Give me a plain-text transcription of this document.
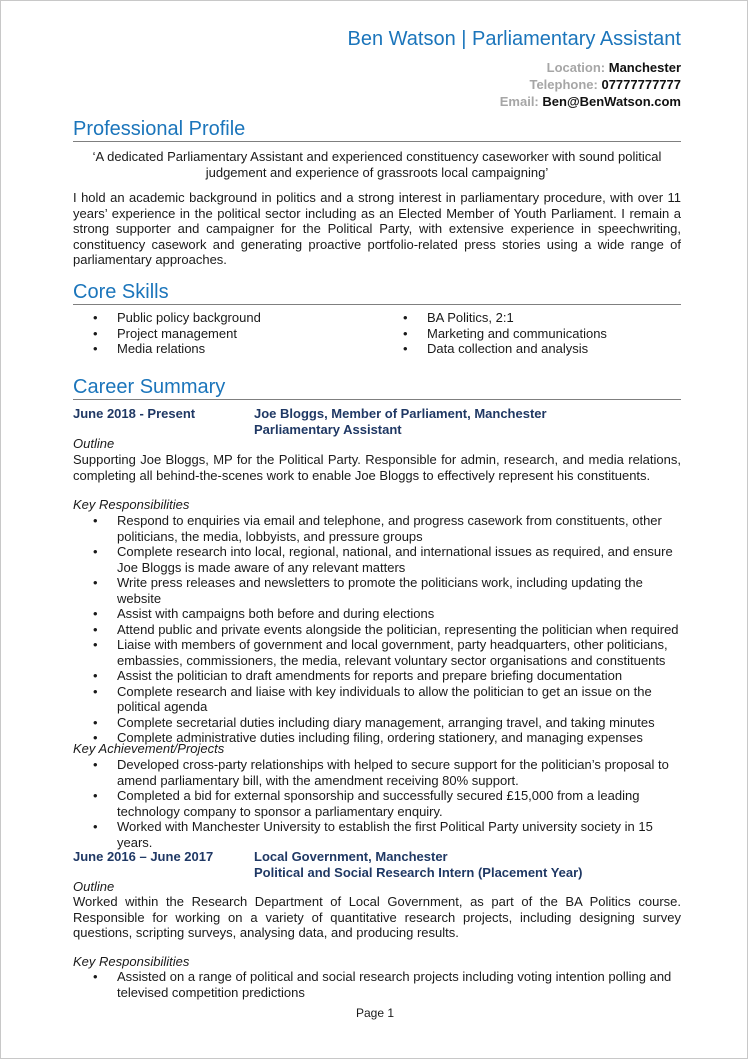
Ben Watson | Parliamentary Assistant
Location: Manchester
Telephone: 07777777777
Email: Ben@BenWatson.com
Professional Profile
‘A dedicated Parliamentary Assistant and experienced constituency caseworker with sound political judgement and experience of grassroots local campaigning’
I hold an academic background in politics and a strong interest in parliamentary procedure, with over 11 years’ experience in the political sector including as an Elected Member of Youth Parliament. I remain a strong supporter and campaigner for the Political Party, with extensive experience in speechwriting, constituency casework and generating proactive portfolio-related press stories using a wide range of parliamentary approaches.
Core Skills
• Public policy background
• Project management
• Media relations
• BA Politics, 2:1
• Marketing and communications
• Data collection and analysis
Career Summary
June 2018 - Present	Joe Bloggs, Member of Parliament, Manchester
Parliamentary Assistant
Outline
Supporting Joe Bloggs, MP for the Political Party. Responsible for admin, research, and media relations, completing all behind-the-scenes work to enable Joe Bloggs to effectively represent his constituents.
Key Responsibilities
• Respond to enquiries via email and telephone, and progress casework from constituents, other politicians, the media, lobbyists, and pressure groups
• Complete research into local, regional, national, and international issues as required, and ensure Joe Bloggs is made aware of any relevant matters
• Write press releases and newsletters to promote the politicians work, including updating the website
• Assist with campaigns both before and during elections
• Attend public and private events alongside the politician, representing the politician when required
• Liaise with members of government and local government, party headquarters, other politicians, embassies, commissioners, the media, relevant voluntary sector organisations and constituents
• Assist the politician to draft amendments for reports and prepare briefing documentation
• Complete research and liaise with key individuals to allow the politician to get an issue on the political agenda
• Complete secretarial duties including diary management, arranging travel, and taking minutes
• Complete administrative duties including filing, ordering stationery, and managing expenses
Key Achievement/Projects
• Developed cross-party relationships with helped to secure support for the politician’s proposal to amend parliamentary bill, with the amendment receiving 80% support.
• Completed a bid for external sponsorship and successfully secured £15,000 from a leading technology company to sponsor a parliamentary enquiry.
• Worked with Manchester University to establish the first Political Party university society in 15 years.
June 2016 – June 2017	Local Government, Manchester
Political and Social Research Intern (Placement Year)
Outline
Worked within the Research Department of Local Government, as part of the BA Politics course. Responsible for working on a variety of quantitative research projects, including designing survey questions, scripting surveys, analysing data, and producing results.
Key Responsibilities
• Assisted on a range of political and social research projects including voting intention polling and televised competition predictions
Page 1
